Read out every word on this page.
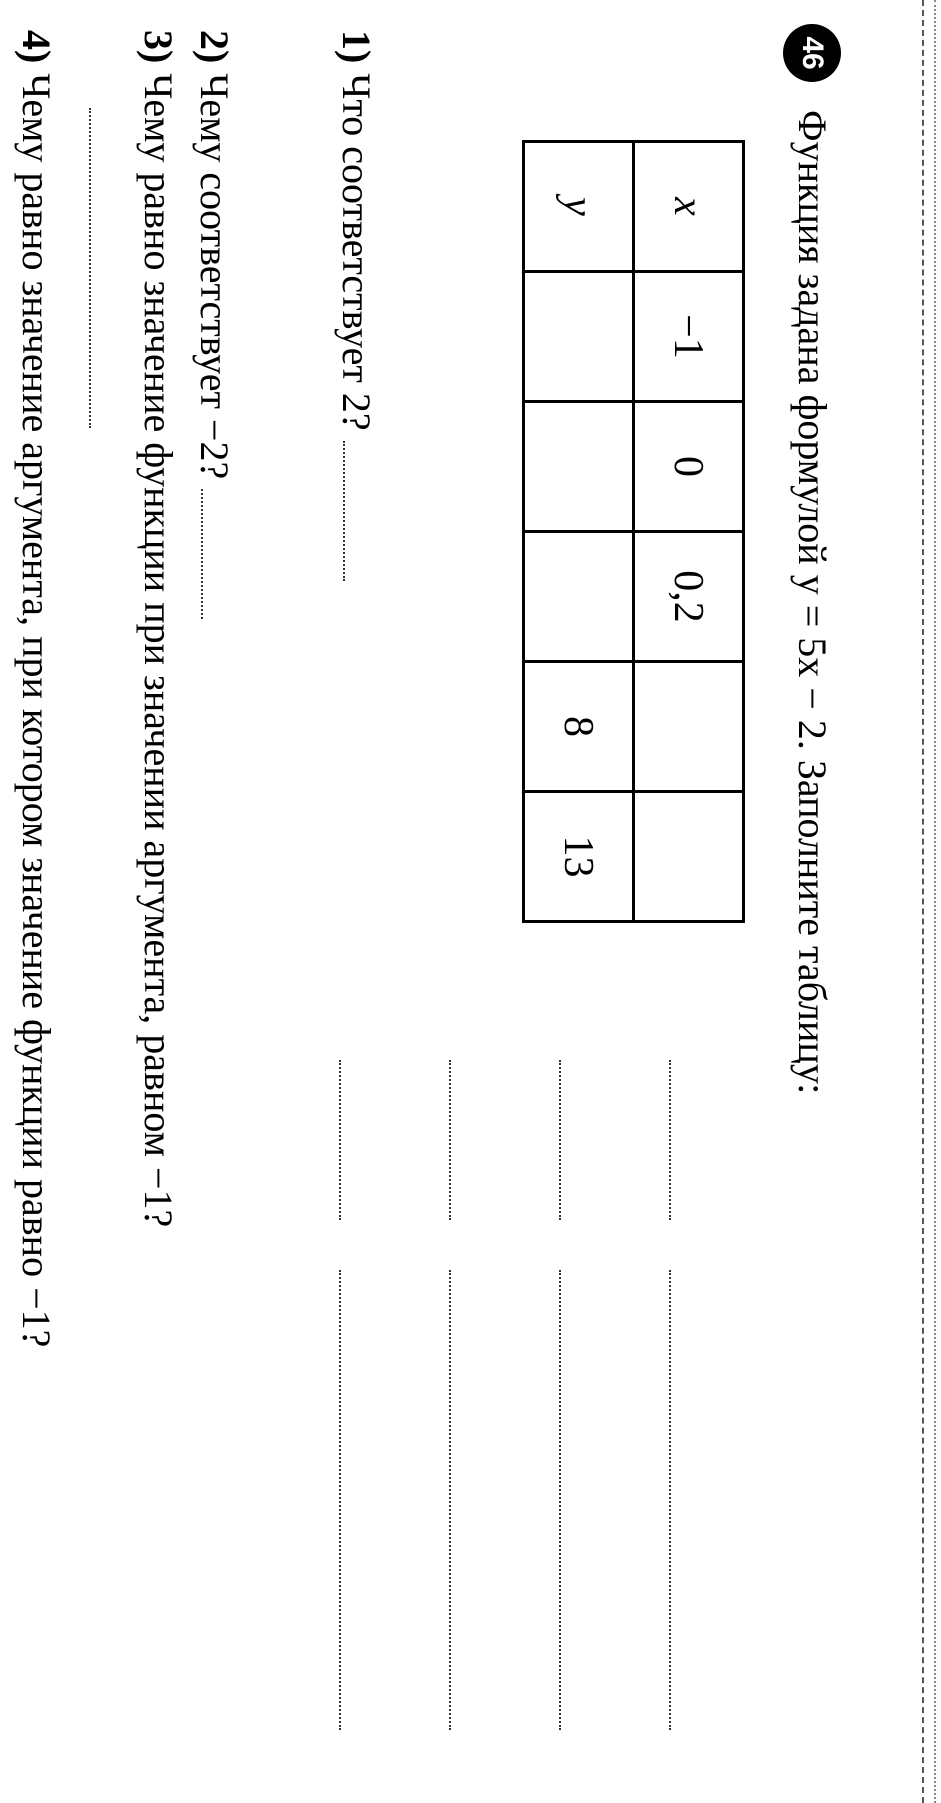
46
Функция задана формулой y = 5x − 2. Заполните таблицу:
x	−1	0	0,2		
y				8	13
1) Что соответствует 2?
2) Чему соответствует −2?
3) Чему равно значение функции при значении аргумента, равном −1?
4) Чему равно значение аргумента, при котором значение функции равно −1?
